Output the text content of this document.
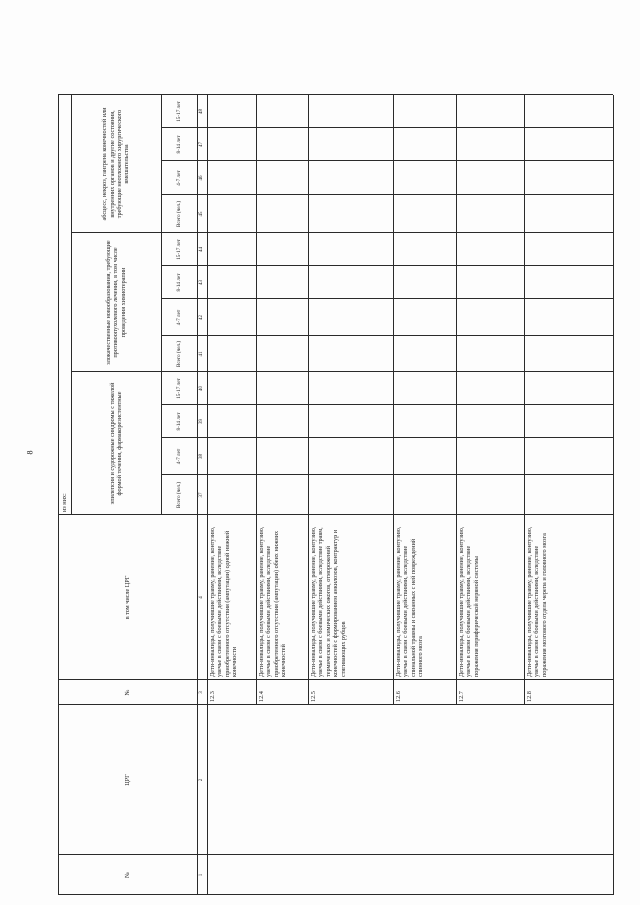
8
№
ЦРГ
№
в том числе ЦРГ
из них:	эпилепсия и судорожные синдромы с тяжелой формой течения, фармакорезистентные
злокачественные новообразования, требующие противоопухолевого лечения, в том числе проведения химиотерапии
абсцесс, некроз, гангрена конечностей или внутренних органов и другие состояния, требующие неотложного хирургического вмешательства
Всего (чел.)
4-7 лет
8-14 лет
15-17 лет
Всего (чел.)
4-7 лет
8-14 лет
15-17 лет
Всего (чел.)
4-7 лет
8-14 лет
15-17 лет
1
2
3
4
37
38
39
40
41
42
43
44
45
46
47
48
12.3
Дети-инвалиды, получившие травму, ранение, контузию, увечье в связи с боевыми действиями, вследствие приобретенного отсутствия (ампутации) одной нижней конечности
12.4
Дети-инвалиды, получившие травму, ранение, контузию, увечье в связи с боевыми действиями, вследствие приобретенного отсутствия (ампутации) обеих нижних конечностей
12.5
Дети-инвалиды, получившие травму, ранение, контузию, увечье в связи с боевыми действиями, вследствие травм, термических и химических ожогов, отморожений конечностей с формированием анкилозов, контрактур и стягивающих рубцов
12.6
Дети-инвалиды, получившие травму, ранение, контузию, увечье в связи с боевыми действиями, вследствие спинальной травмы и связанных с ней повреждений спинного мозга
12.7
Дети-инвалиды, получившие травму, ранение, контузию, увечье в связи с боевыми действиями, вследствие поражения периферической нервной системы
12.8
Дети-инвалиды, получившие травму, ранение, контузию, увечье в связи с боевыми действиями, вследствие поражения мозгового отдела черепа и головного мозга
